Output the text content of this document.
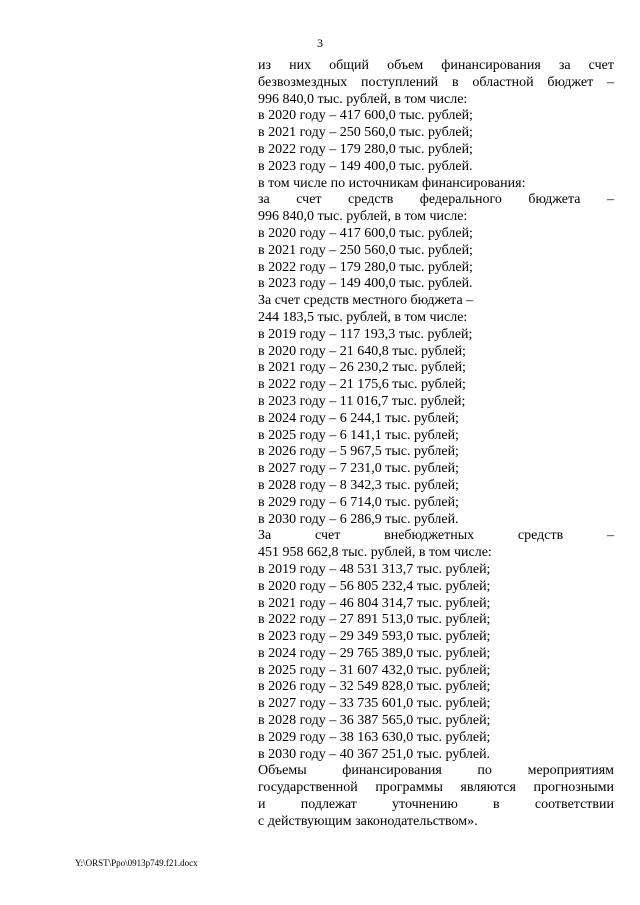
3
из них общий объем финансирования за счет
безвозмездных поступлений в областной бюджет –
996 840,0 тыс. рублей, в том числе:
в 2020 году – 417 600,0 тыс. рублей;
в 2021 году – 250 560,0 тыс. рублей;
в 2022 году – 179 280,0 тыс. рублей;
в 2023 году – 149 400,0 тыс. рублей.
в том числе по источникам финансирования:
за счет средств федерального бюджета –
996 840,0 тыс. рублей, в том числе:
в 2020 году – 417 600,0 тыс. рублей;
в 2021 году – 250 560,0 тыс. рублей;
в 2022 году – 179 280,0 тыс. рублей;
в 2023 году – 149 400,0 тыс. рублей.
За счет средств местного бюджета –
244 183,5 тыс. рублей, в том числе:
в 2019 году – 117 193,3 тыс. рублей;
в 2020 году – 21 640,8 тыс. рублей;
в 2021 году – 26 230,2 тыс. рублей;
в 2022 году – 21 175,6 тыс. рублей;
в 2023 году – 11 016,7 тыс. рублей;
в 2024 году – 6 244,1 тыс. рублей;
в 2025 году – 6 141,1 тыс. рублей;
в 2026 году – 5 967,5 тыс. рублей;
в 2027 году – 7 231,0 тыс. рублей;
в 2028 году – 8 342,3 тыс. рублей;
в 2029 году – 6 714,0 тыс. рублей;
в 2030 году – 6 286,9 тыс. рублей.
За счет внебюджетных средств –
451 958 662,8 тыс. рублей, в том числе:
в 2019 году – 48 531 313,7 тыс. рублей;
в 2020 году – 56 805 232,4 тыс. рублей;
в 2021 году – 46 804 314,7 тыс. рублей;
в 2022 году – 27 891 513,0 тыс. рублей;
в 2023 году – 29 349 593,0 тыс. рублей;
в 2024 году – 29 765 389,0 тыс. рублей;
в 2025 году – 31 607 432,0 тыс. рублей;
в 2026 году – 32 549 828,0 тыс. рублей;
в 2027 году – 33 735 601,0 тыс. рублей;
в 2028 году – 36 387 565,0 тыс. рублей;
в 2029 году – 38 163 630,0 тыс. рублей;
в 2030 году – 40 367 251,0 тыс. рублей.
Объемы финансирования по мероприятиям
государственной программы являются прогнозными
и подлежат уточнению в соответствии
с действующим законодательством».
Y:\ORST\Ppo\0913p749.f21.docx
